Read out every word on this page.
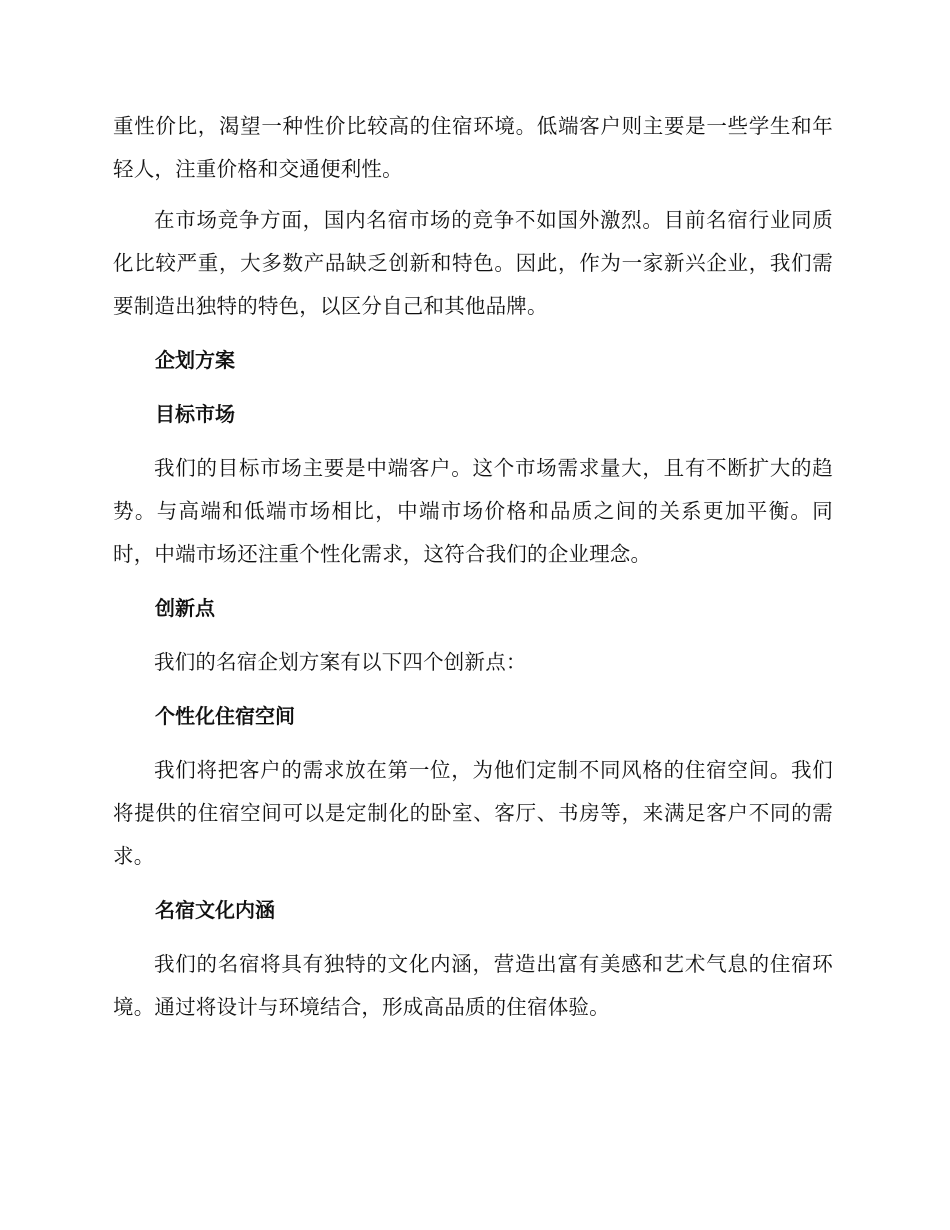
重性价比，渴望一种性价比较高的住宿环境。低端客户则主要是一些学生和年轻人，注重价格和交通便利性。

在市场竞争方面，国内名宿市场的竞争不如国外激烈。目前名宿行业同质化比较严重，大多数产品缺乏创新和特色。因此，作为一家新兴企业，我们需要制造出独特的特色，以区分自己和其他品牌。

企划方案
目标市场

我们的目标市场主要是中端客户。这个市场需求量大，且有不断扩大的趋势。与高端和低端市场相比，中端市场价格和品质之间的关系更加平衡。同时，中端市场还注重个性化需求，这符合我们的企业理念。

创新点

我们的名宿企划方案有以下四个创新点：

个性化住宿空间

我们将把客户的需求放在第一位，为他们定制不同风格的住宿空间。我们将提供的住宿空间可以是定制化的卧室、客厅、书房等，来满足客户不同的需求。

名宿文化内涵

我们的名宿将具有独特的文化内涵，营造出富有美感和艺术气息的住宿环境。通过将设计与环境结合，形成高品质的住宿体验。
